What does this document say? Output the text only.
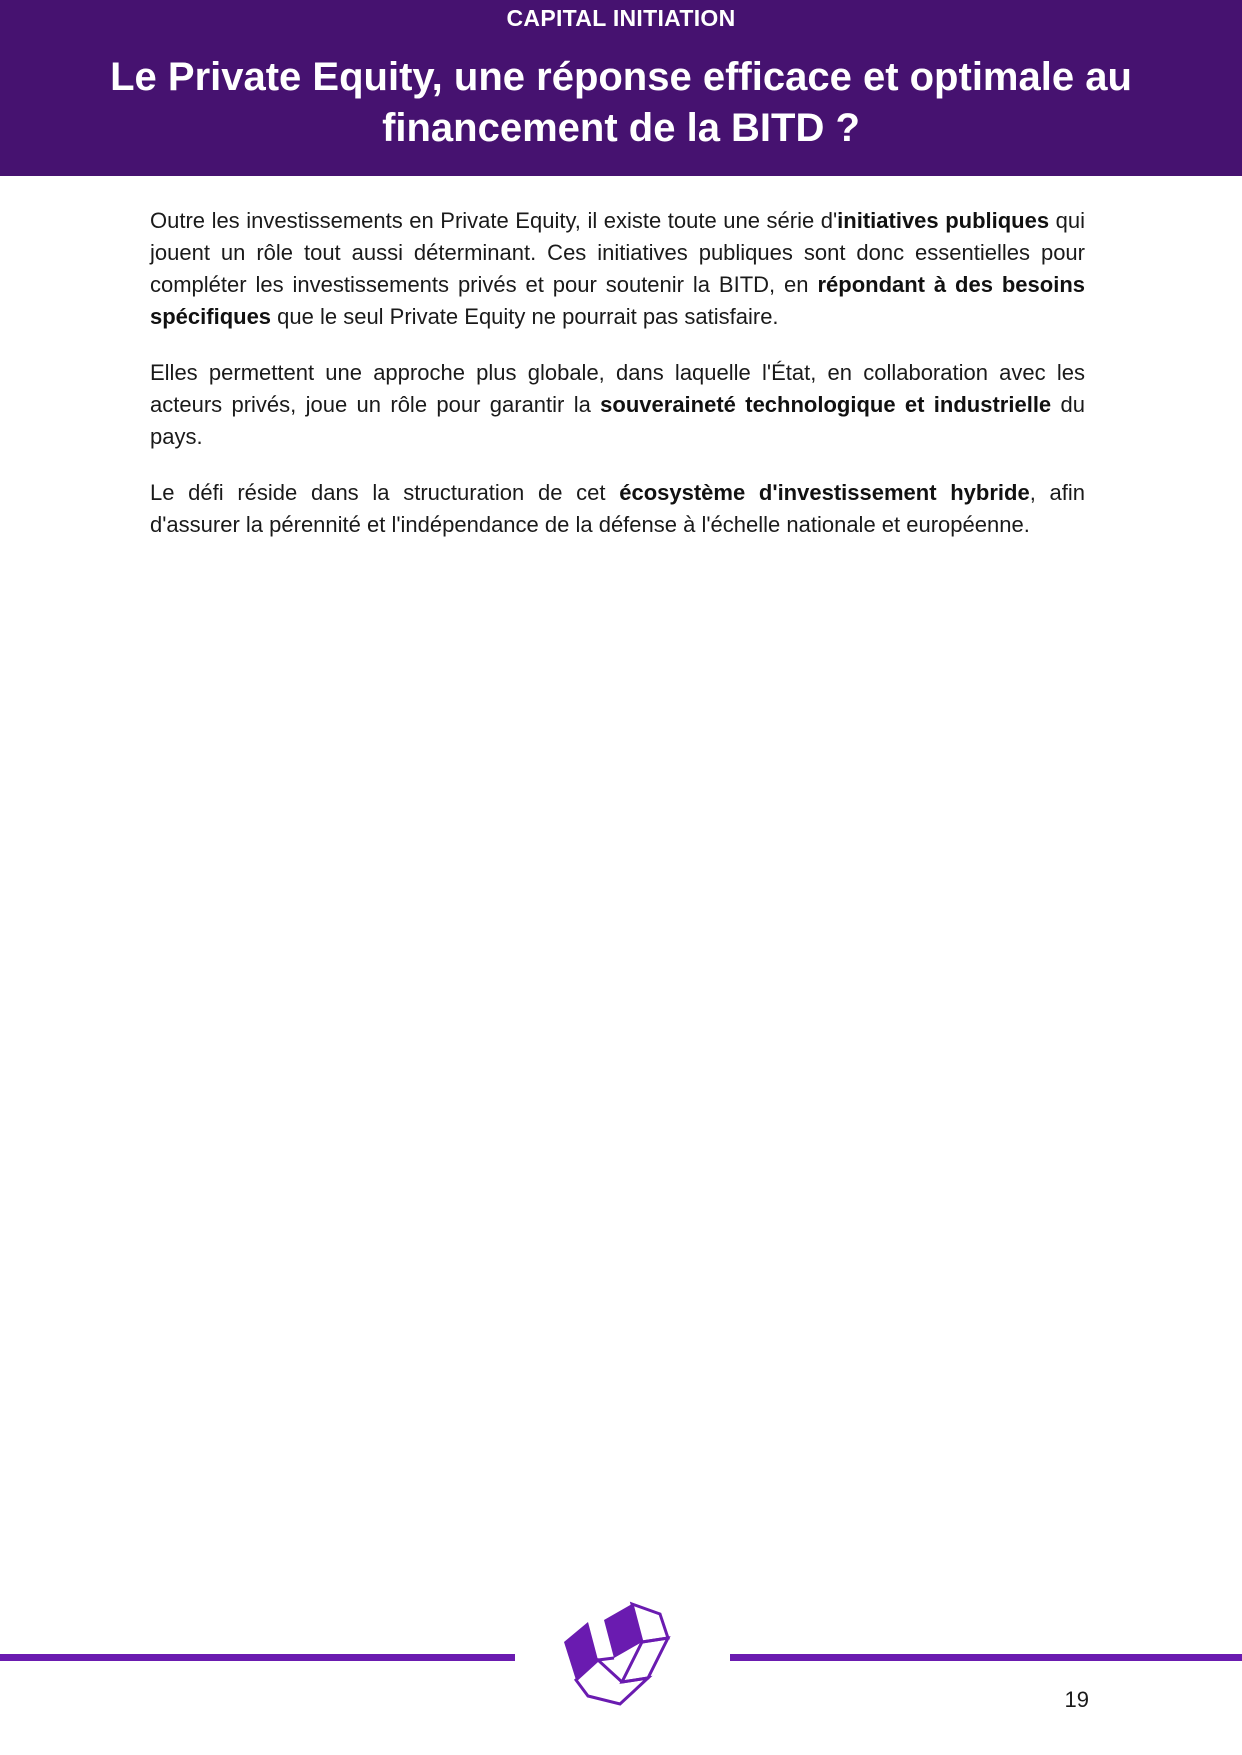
CAPITAL INITIATION
Le Private Equity, une réponse efficace et optimale au
financement de la BITD ?

Outre les investissements en Private Equity, il existe toute une série d'initiatives publiques qui jouent un rôle tout aussi déterminant. Ces initiatives publiques sont donc essentielles pour compléter les investissements privés et pour soutenir la BITD, en répondant à des besoins spécifiques que le seul Private Equity ne pourrait pas satisfaire.

Elles permettent une approche plus globale, dans laquelle l'État, en collaboration avec les acteurs privés, joue un rôle pour garantir la souveraineté technologique et industrielle du pays.

Le défi réside dans la structuration de cet écosystème d'investissement hybride, afin d'assurer la pérennité et l'indépendance de la défense à l'échelle nationale et européenne.

19
